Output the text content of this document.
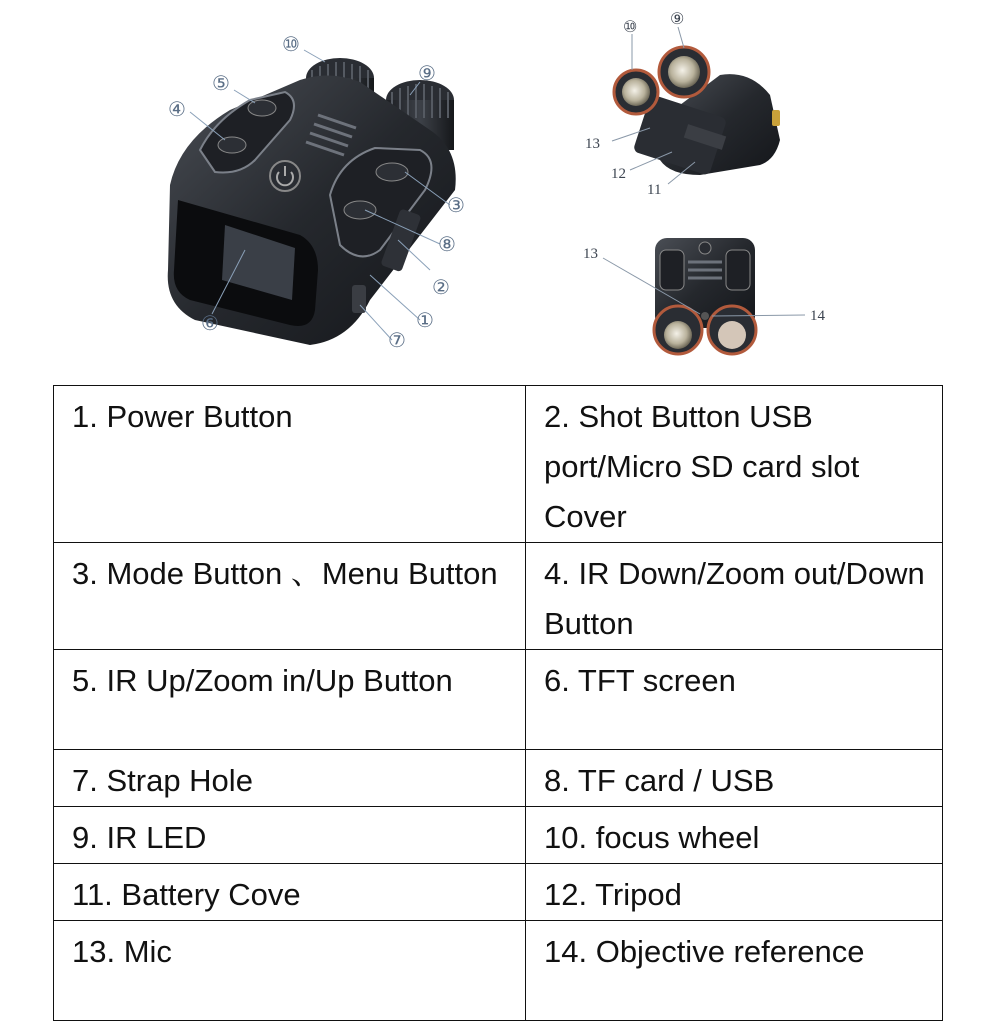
⑩
⑨
⑤
④
③
⑧
②
①
⑥
⑦
⑩ ⑨
13
12
11
13
14
1. Power Button	2. Shot Button USB port/Micro SD card slot Cover
3. Mode Button 、Menu Button	4. IR Down/Zoom out/Down Button
5. IR Up/Zoom in/Up Button	6. TFT screen
7. Strap Hole	8. TF card / USB
9. IR LED	10. focus wheel
11. Battery Cove	12. Tripod
13. Mic	14. Objective reference
